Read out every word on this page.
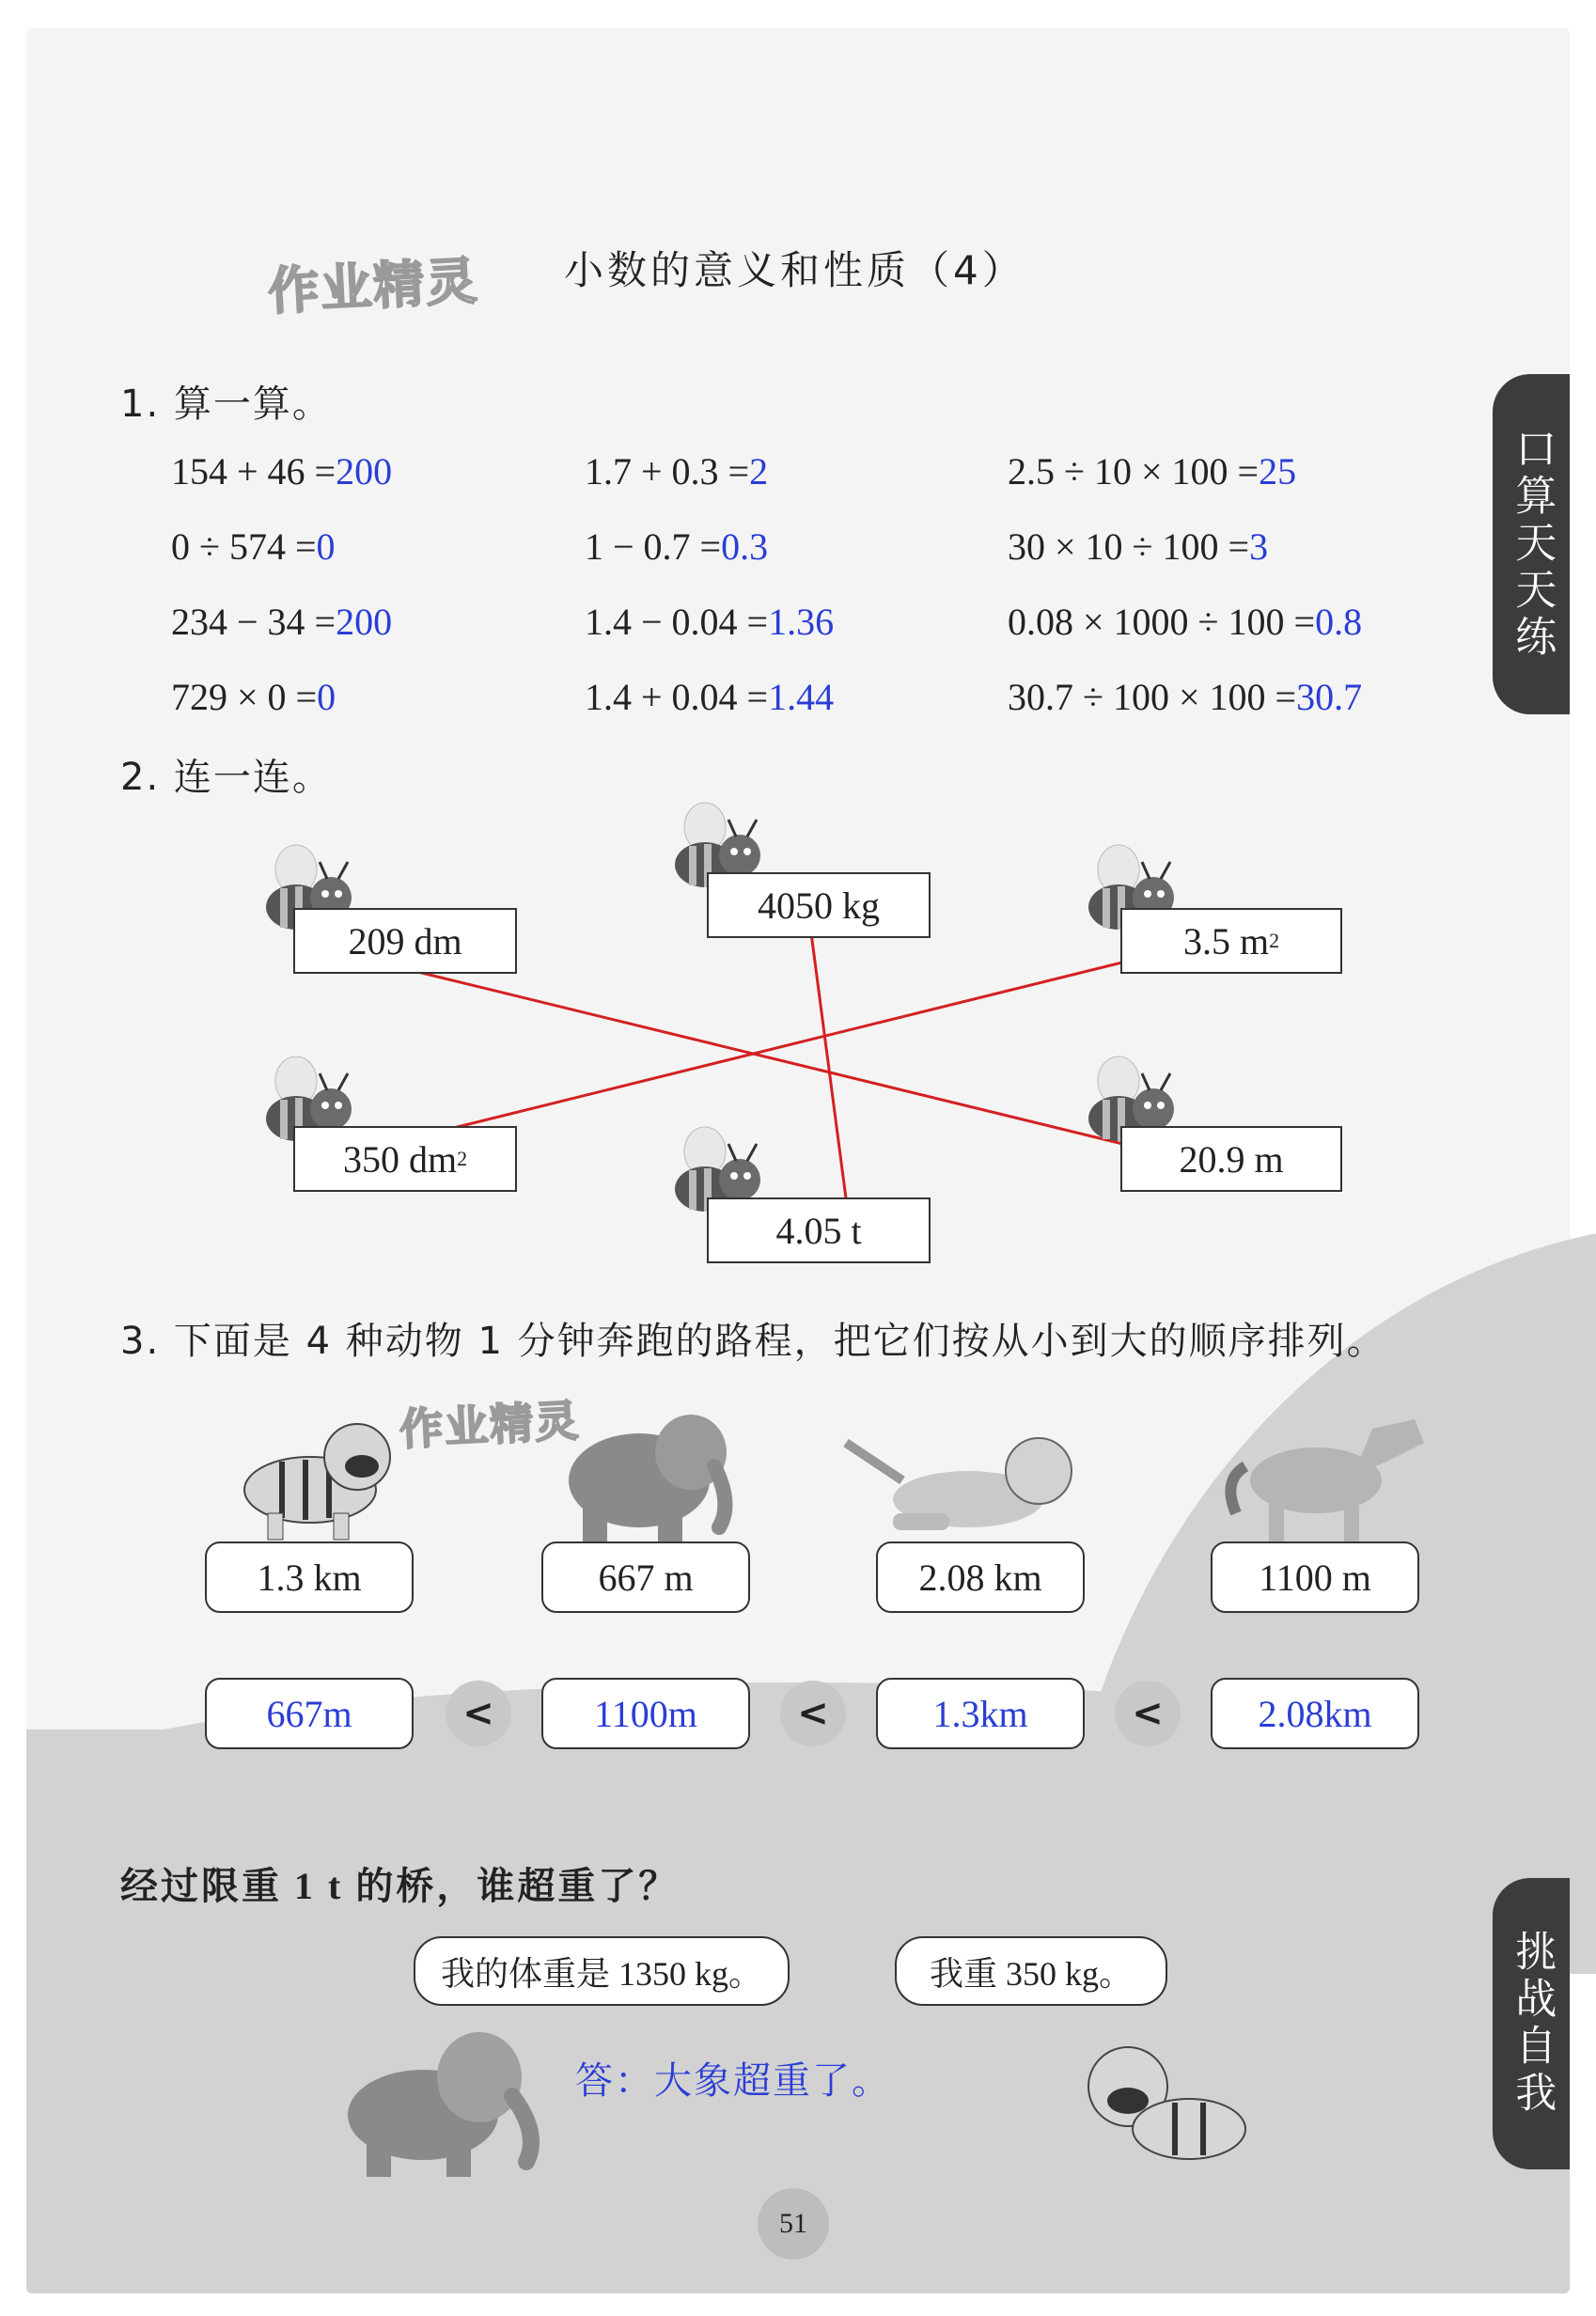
作业精灵
作业精灵
小数的意义和性质（4）
口算天天练
挑战自我
1. 算一算。
154 + 46 =200	1.7 + 0.3 =2	2.5 ÷ 10 × 100 =25
0 ÷ 574 =0	1 − 0.7 =0.3	30 × 10 ÷ 100 =3
234 − 34 =200	1.4 − 0.04 =1.36	0.08 × 1000 ÷ 100 =0.8
729 × 0 =0	1.4 + 0.04 =1.44	30.7 ÷ 100 × 100 =30.7
2. 连一连。
209 dm
4050 kg
3.5 m 2
350 dm 2
4.05 t
20.9 m
3. 下面是 4 种动物 1 分钟奔跑的路程，把它们按从小到大的顺序排列。
1.3 km	667 m	2.08 km	1100 m
667m	<	1100m	<	1.3km	<	2.08km
经过限重 1 t 的桥，谁超重了？
我的体重是 1350 kg。	我重 350 kg。
答：大象超重了。
51
